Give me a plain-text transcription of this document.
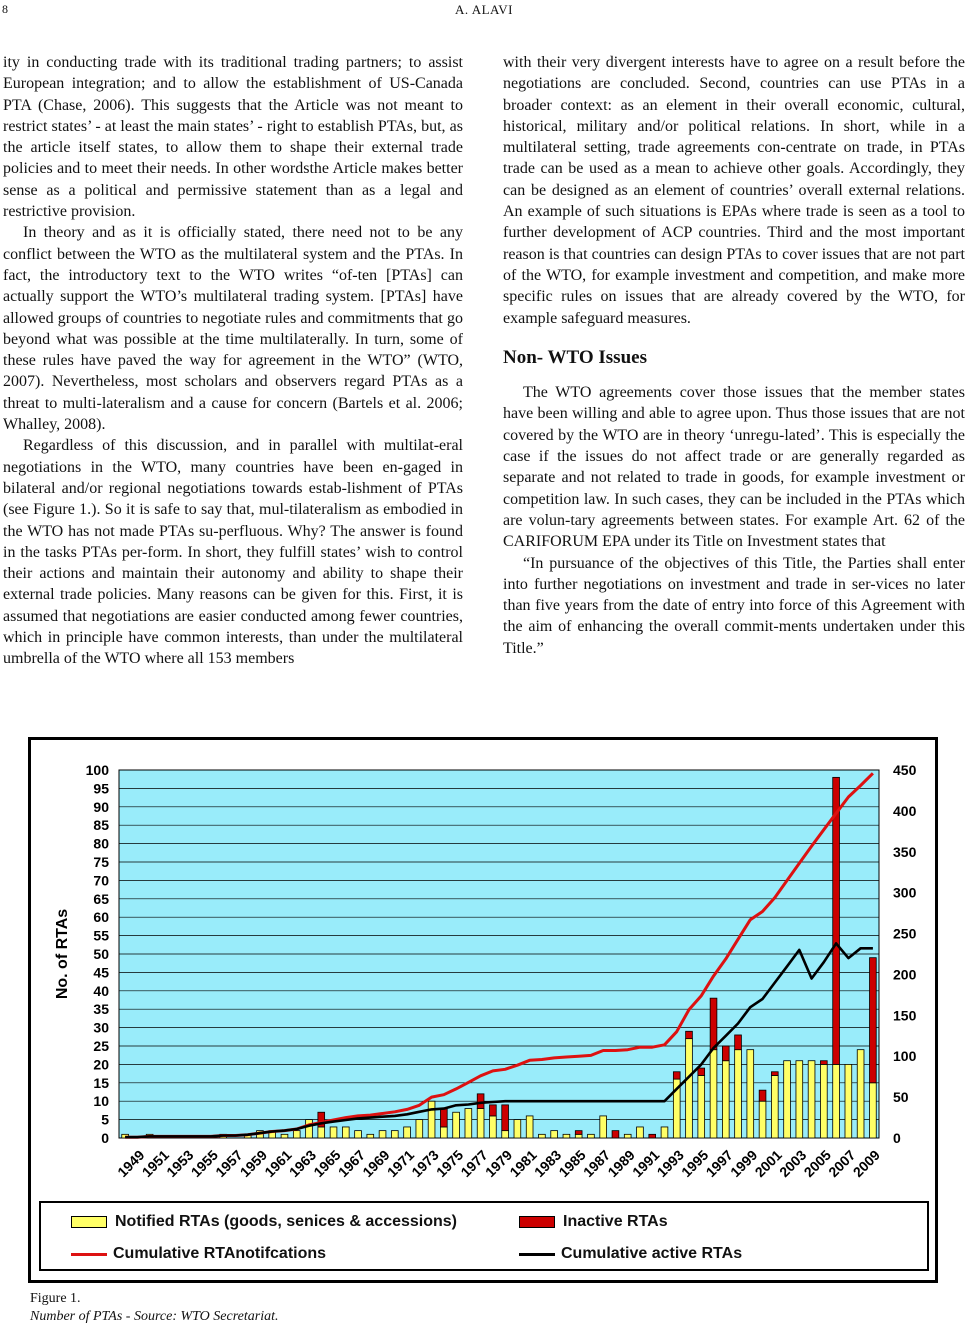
8	A. ALAVI

ity in conducting trade with its traditional trading partners; to assist European integration; and to allow the establishment of US-Canada PTA (Chase, 2006). This suggests that the Article was not meant to restrict states’ - at least the main states’ - right to establish PTAs, but, as the article itself states, to allow them to shape their external trade policies and to meet their needs. In other wordsthe Article makes better sense as a political and permissive statement than as a legal and restrictive provision.

In theory and as it is officially stated, there need not to be any conflict between the WTO as the multilateral system and the PTAs. In fact, the introductory text to the WTO writes “of-ten [PTAs] can actually support the WTO’s multilateral trading system. [PTAs] have allowed groups of countries to negotiate rules and commitments that go beyond what was possible at the time multilaterally. In turn, some of these rules have paved the way for agreement in the WTO” (WTO, 2007). Nevertheless, most scholars and observers regard PTAs as a threat to multi-lateralism and a cause for concern (Bartels et al. 2006; Whalley, 2008).

Regardless of this discussion, and in parallel with multilat-eral negotiations in the WTO, many countries have been en-gaged in bilateral and/or regional negotiations towards estab-lishment of PTAs (see Figure 1.). So it is safe to say that, mul-tilateralism as embodied in the WTO has not made PTAs su-perfluous. Why? The answer is found in the tasks PTAs per-form. In short, they fulfill states’ wish to control their actions and maintain their autonomy and ability to shape their external trade policies. Many reasons can be given for this. First, it is assumed that negotiations are easier conducted among fewer countries, which in principle have common interests, than under the multilateral umbrella of the WTO where all 153 members

with their very divergent interests have to agree on a result before the negotiations are concluded. Second, countries can use PTAs in a broader context: as an element in their overall economic, cultural, historical, military and/or political relations. In short, while in a multilateral setting, trade agreements con-centrate on trade, in PTAs trade can be used as a mean to achieve other goals. Accordingly, they can be designed as an element of countries’ overall external relations. An example of such situations is EPAs where trade is seen as a tool to further development of ACP countries. Third and the most important reason is that countries can design PTAs to cover issues that are not part of the WTO, for example investment and competition, and make more specific rules on issues that are already covered by the WTO, for example safeguard measures.

Non- WTO Issues

The WTO agreements cover those issues that the member states have been willing and able to agree upon. Thus those issues that are not covered by the WTO are in theory ‘unregu-lated’. This is especially the case if the issues do not affect trade or are generally regarded as separate and not related to trade in goods, for example investment or competition law. In such cases, they can be included in the PTAs which are volun-tary agreements between states. For example Art. 62 of the CARIFORUM EPA under its Title on Investment states that

“In pursuance of the objectives of this Title, the Parties shall enter into further negotiations on investment and trade in ser-vices no later than five years from the date of entry into force of this Agreement with the aim of enhancing the overall commit-ments undertaken under this Title.”

0
5
10
15
20
25
30
35
40
45
50
55
60
65
70
75
80
85
90
95
100
0
50
100
150
200
250
300
350
400
450
No. of RTAs
1949
1951
1953
1955
1957
1959
1961
1963
1965
1967
1969
1971
1973
1975
1977
1979
1981
1983
1985
1987
1989
1991
1993
1995
1997
1999
2001
2003
2005
2007
2009
Notified RTAs (goods, senices & accessions)	Inactive RTAs
Cumulative RTAnotifcations	Cumulative active RTAs
Figure 1.
Number of PTAs - Source: WTO Secretariat.
